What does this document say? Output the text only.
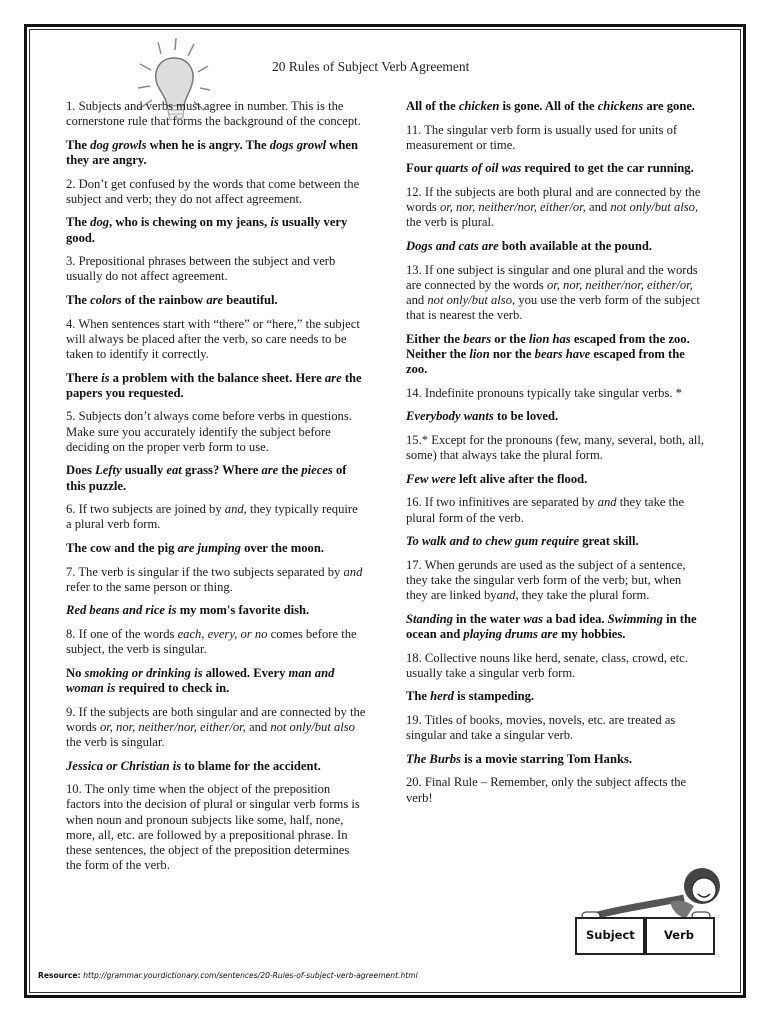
20 Rules of Subject Verb Agreement

1. Subjects and verbs must agree in number. This is the cornerstone rule that forms the background of the concept.

The dog growls when he is angry. The dogs growl when they are angry.

2. Don’t get confused by the words that come between the subject and verb; they do not affect agreement.

The dog, who is chewing on my jeans, is usually very good.

3. Prepositional phrases between the subject and verb usually do not affect agreement.

The colors of the rainbow are beautiful.

4. When sentences start with “there” or “here,” the subject will always be placed after the verb, so care needs to be taken to identify it correctly.

There is a problem with the balance sheet. Here are the papers you requested.

5. Subjects don’t always come before verbs in questions. Make sure you accurately identify the subject before deciding on the proper verb form to use.

Does Lefty usually eat grass? Where are the pieces of this puzzle.

6. If two subjects are joined by and, they typically require a plural verb form.

The cow and the pig are jumping over the moon.

7. The verb is singular if the two subjects separated by and refer to the same person or thing.

Red beans and rice is my mom's favorite dish.

8. If one of the words each, every, or no comes before the subject, the verb is singular.

No smoking or drinking is allowed. Every man and woman is required to check in.

9. If the subjects are both singular and are connected by the words or, nor, neither/nor, either/or, and not only/but also the verb is singular.

Jessica or Christian is to blame for the accident.

10. The only time when the object of the preposition factors into the decision of plural or singular verb forms is when noun and pronoun subjects like some, half, none, more, all, etc. are followed by a prepositional phrase. In these sentences, the object of the preposition determines the form of the verb.

All of the chicken is gone. All of the chickens are gone.

11. The singular verb form is usually used for units of measurement or time.

Four quarts of oil was required to get the car running.

12. If the subjects are both plural and are connected by the words or, nor, neither/nor, either/or, and not only/but also, the verb is plural.

Dogs and cats are both available at the pound.

13. If one subject is singular and one plural and the words are connected by the words or, nor, neither/nor, either/or, and not only/but also, you use the verb form of the subject that is nearest the verb.

Either the bears or the lion has escaped from the zoo. Neither the lion nor the bears have escaped from the zoo.

14. Indefinite pronouns typically take singular verbs. *

Everybody wants to be loved.

15.* Except for the pronouns (few, many, several, both, all, some) that always take the plural form.

Few were left alive after the flood.

16. If two infinitives are separated by and they take the plural form of the verb.

To walk and to chew gum require great skill.

17. When gerunds are used as the subject of a sentence, they take the singular verb form of the verb; but, when they are linked byand, they take the plural form.

Standing in the water was a bad idea. Swimming in the ocean and playing drums are my hobbies.

18. Collective nouns like herd, senate, class, crowd, etc. usually take a singular verb form.

The herd is stampeding.

19. Titles of books, movies, novels, etc. are treated as singular and take a singular verb.

The Burbs is a movie starring Tom Hanks.

20. Final Rule – Remember, only the subject affects the verb!

Subject	Verb
Resource: http://grammar.yourdictionary.com/sentences/20-Rules-of-subject-verb-agreement.html
